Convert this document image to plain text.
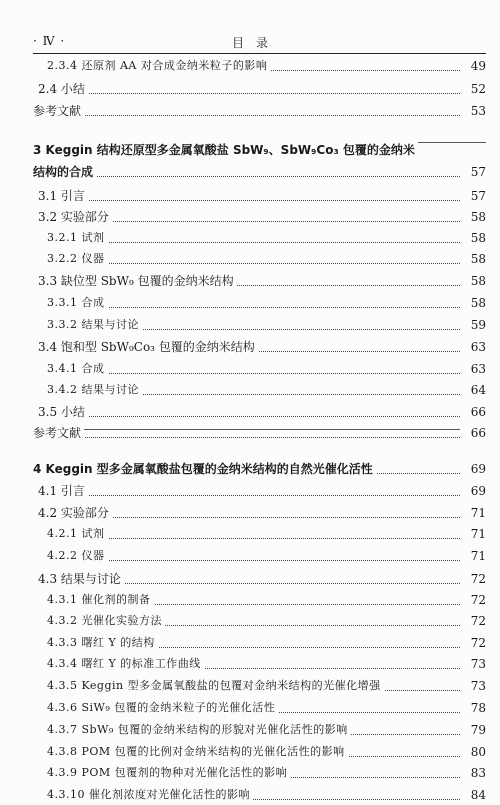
· Ⅳ ·	目　录
2.3.4 还原剂 AA 对合成金纳米粒子的影响	49
2.4 小结	52
参考文献	53
3 Keggin 结构还原型多金属氧酸盐 SbW₉、SbW₉Co₃ 包覆的金纳米
结构的合成	57
3.1 引言	57
3.2 实验部分	58
3.2.1 试剂	58
3.2.2 仪器	58
3.3 缺位型 SbW₉ 包覆的金纳米结构	58
3.3.1 合成	58
3.3.2 结果与讨论	59
3.4 饱和型 SbW₉Co₃ 包覆的金纳米结构	63
3.4.1 合成	63
3.4.2 结果与讨论	64
3.5 小结	66
参考文献	66
4 Keggin 型多金属氧酸盐包覆的金纳米结构的自然光催化活性	69
4.1 引言	69
4.2 实验部分	71
4.2.1 试剂	71
4.2.2 仪器	71
4.3 结果与讨论	72
4.3.1 催化剂的制备	72
4.3.2 光催化实验方法	72
4.3.3 曙红 Y 的结构	72
4.3.4 曙红 Y 的标准工作曲线	73
4.3.5 Keggin 型多金属氧酸盐的包覆对金纳米结构的光催化增强	73
4.3.6 SiW₉ 包覆的金纳米粒子的光催化活性	78
4.3.7 SbW₉ 包覆的金纳米结构的形貌对光催化活性的影响	79
4.3.8 POM 包覆的比例对金纳米结构的光催化活性的影响	80
4.3.9 POM 包覆剂的物种对光催化活性的影响	83
4.3.10 催化剂浓度对光催化活性的影响	84
